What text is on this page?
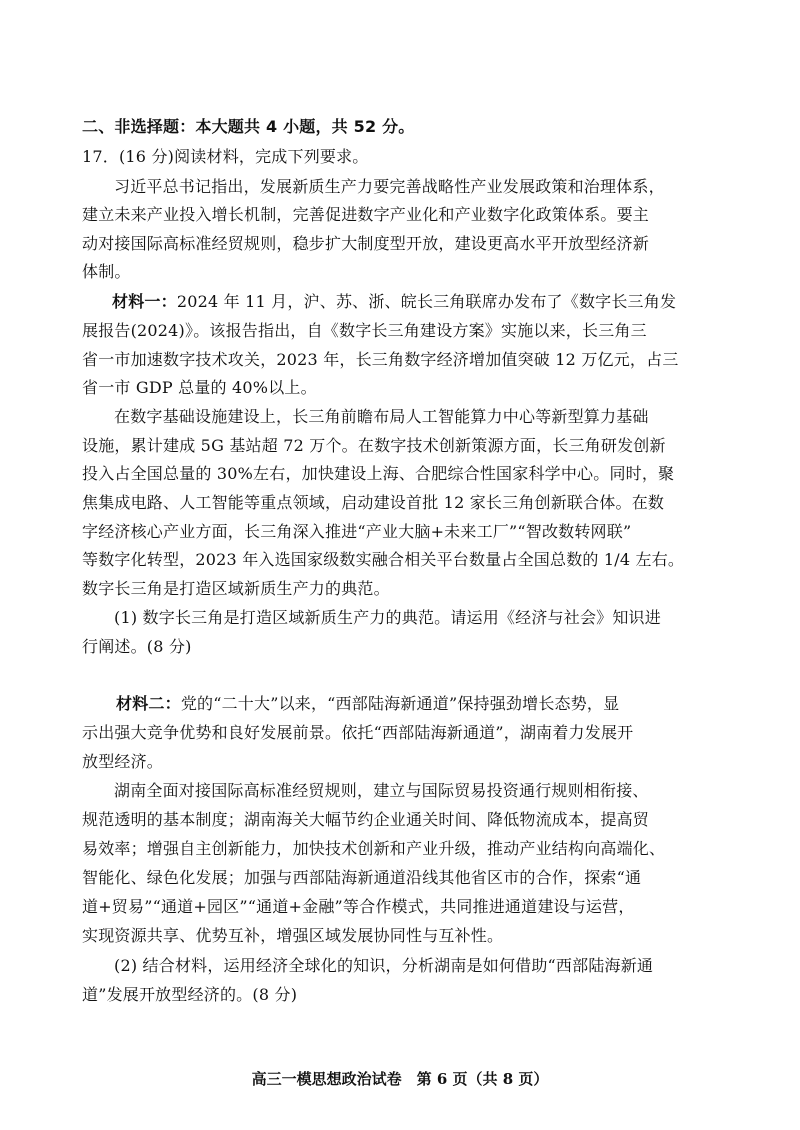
二、非选择题：本大题共 4 小题，共 52 分。

17．(16 分)阅读材料，完成下列要求。

习近平总书记指出，发展新质生产力要完善战略性产业发展政策和治理体系，

建立未来产业投入增长机制，完善促进数字产业化和产业数字化政策体系。要主

动对接国际高标准经贸规则，稳步扩大制度型开放，建设更高水平开放型经济新

体制。

材料一：2024 年 11 月，沪、苏、浙、皖长三角联席办发布了《数字长三角发

展报告(2024)》。该报告指出，自《数字长三角建设方案》实施以来，长三角三

省一市加速数字技术攻关，2023 年，长三角数字经济增加值突破 12 万亿元，占三

省一市 GDP 总量的 40%以上。

在数字基础设施建设上，长三角前瞻布局人工智能算力中心等新型算力基础

设施，累计建成 5G 基站超 72 万个。在数字技术创新策源方面，长三角研发创新

投入占全国总量的 30%左右，加快建设上海、合肥综合性国家科学中心。同时，聚

焦集成电路、人工智能等重点领域，启动建设首批 12 家长三角创新联合体。在数

字经济核心产业方面，长三角深入推进“产业大脑+未来工厂”“智改数转网联”

等数字化转型，2023 年入选国家级数实融合相关平台数量占全国总数的 1/4 左右。

数字长三角是打造区域新质生产力的典范。

(1) 数字长三角是打造区域新质生产力的典范。请运用《经济与社会》知识进

行阐述。(8 分)

材料二：党的“二十大”以来，“西部陆海新通道”保持强劲增长态势，显

示出强大竞争优势和良好发展前景。依托“西部陆海新通道”，湖南着力发展开

放型经济。

湖南全面对接国际高标准经贸规则，建立与国际贸易投资通行规则相衔接、

规范透明的基本制度；湖南海关大幅节约企业通关时间、降低物流成本，提高贸

易效率；增强自主创新能力，加快技术创新和产业升级，推动产业结构向高端化、

智能化、绿色化发展；加强与西部陆海新通道沿线其他省区市的合作，探索“通

道+贸易”“通道+园区”“通道+金融”等合作模式，共同推进通道建设与运营，

实现资源共享、优势互补，增强区域发展协同性与互补性。

(2) 结合材料，运用经济全球化的知识，分析湖南是如何借助“西部陆海新通

道”发展开放型经济的。(8 分)

高三一模思想政治试卷　第 6 页（共 8 页）
